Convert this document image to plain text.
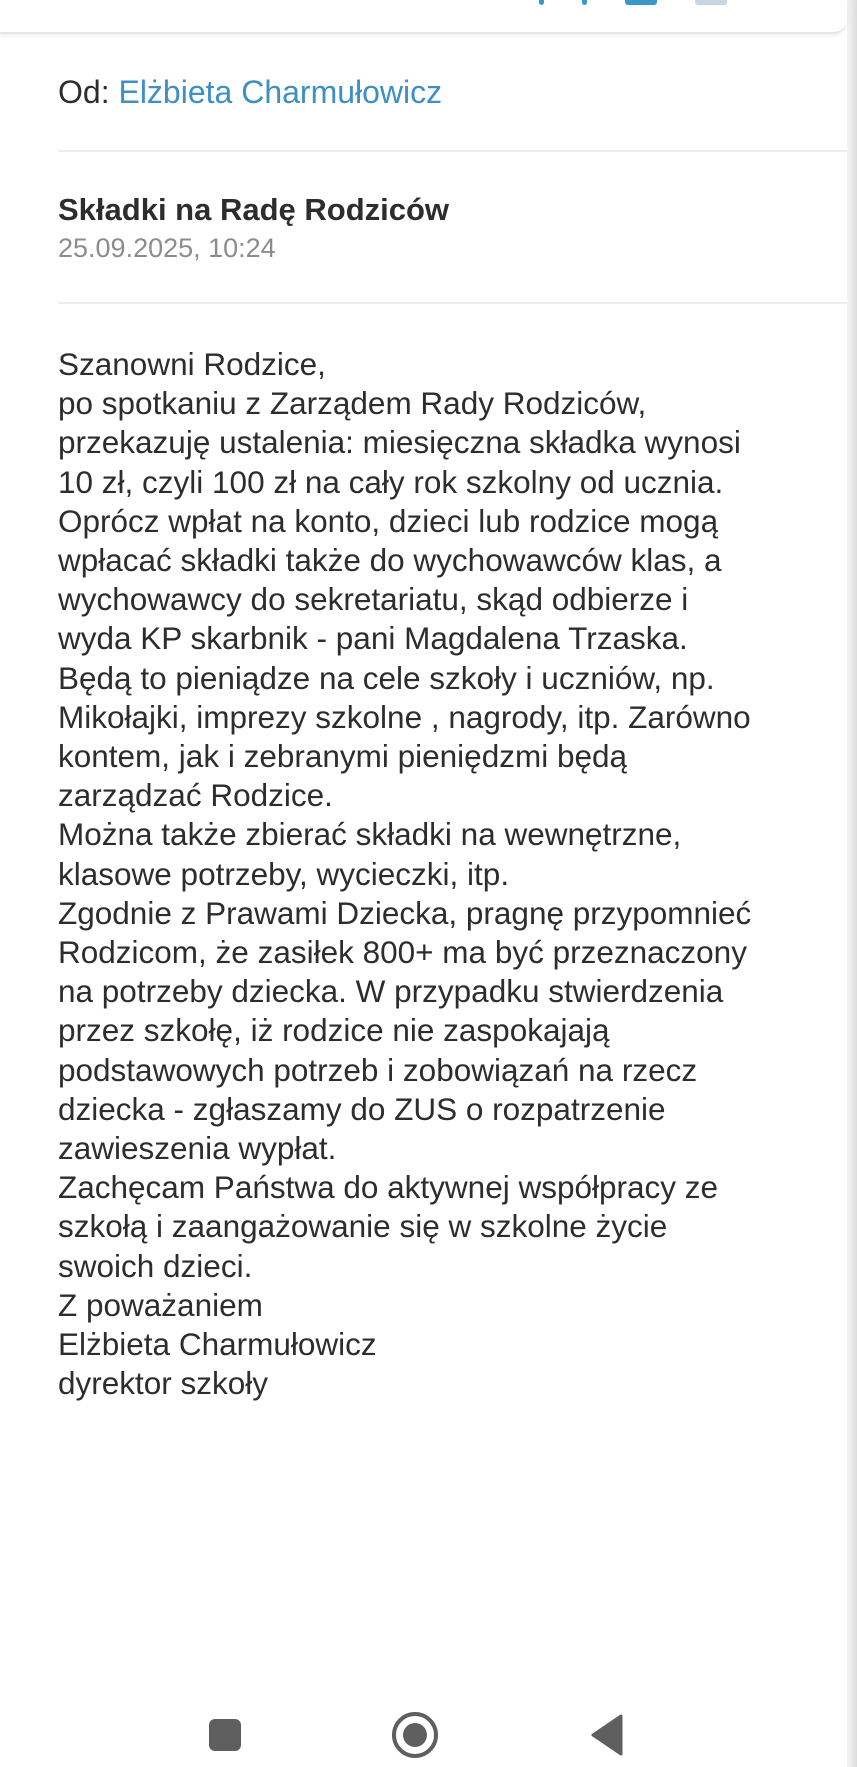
Od: Elżbieta Charmułowicz
Składki na Radę Rodziców
25.09.2025, 10:24
Szanowni Rodzice,
po spotkaniu z Zarządem Rady Rodziców,
przekazuję ustalenia: miesięczna składka wynosi
10 zł, czyli 100 zł na cały rok szkolny od ucznia.
Oprócz wpłat na konto, dzieci lub rodzice mogą
wpłacać składki także do wychowawców klas, a
wychowawcy do sekretariatu, skąd odbierze i
wyda KP skarbnik - pani Magdalena Trzaska.
Będą to pieniądze na cele szkoły i uczniów, np.
Mikołajki, imprezy szkolne , nagrody, itp. Zarówno
kontem, jak i zebranymi pieniędzmi będą
zarządzać Rodzice.
Można także zbierać składki na wewnętrzne,
klasowe potrzeby, wycieczki, itp.
Zgodnie z Prawami Dziecka, pragnę przypomnieć
Rodzicom, że zasiłek 800+ ma być przeznaczony
na potrzeby dziecka. W przypadku stwierdzenia
przez szkołę, iż rodzice nie zaspokajają
podstawowych potrzeb i zobowiązań na rzecz
dziecka - zgłaszamy do ZUS o rozpatrzenie
zawieszenia wypłat.
Zachęcam Państwa do aktywnej współpracy ze
szkołą i zaangażowanie się w szkolne życie
swoich dzieci.
Z poważaniem
Elżbieta Charmułowicz
dyrektor szkoły
